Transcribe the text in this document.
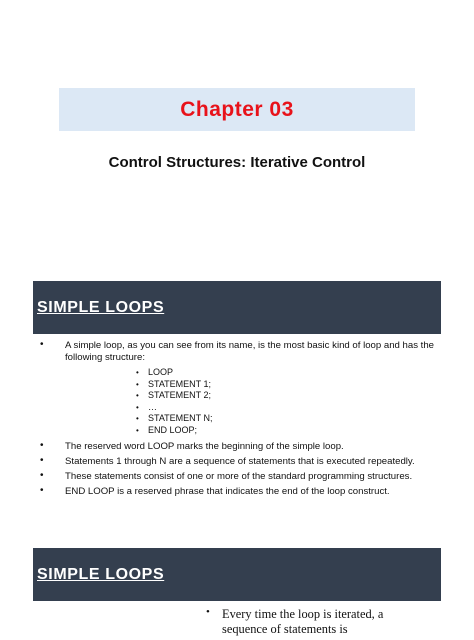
Chapter 03
Control Structures: Iterative Control
SIMPLE LOOPS
•	A simple loop, as you can see from its name, is the most basic kind of loop and has the following structure:
• LOOP
• STATEMENT 1;
• STATEMENT 2;
• …
• STATEMENT N;
• END LOOP;
•	The reserved word LOOP marks the beginning of the simple loop.
•	Statements 1 through N are a sequence of statements that is executed repeatedly.
•	These statements consist of one or more of the standard programming structures.
•	END LOOP is a reserved phrase that indicates the end of the loop construct.
SIMPLE LOOPS
• Every time the loop is iterated, a sequence of statements is
